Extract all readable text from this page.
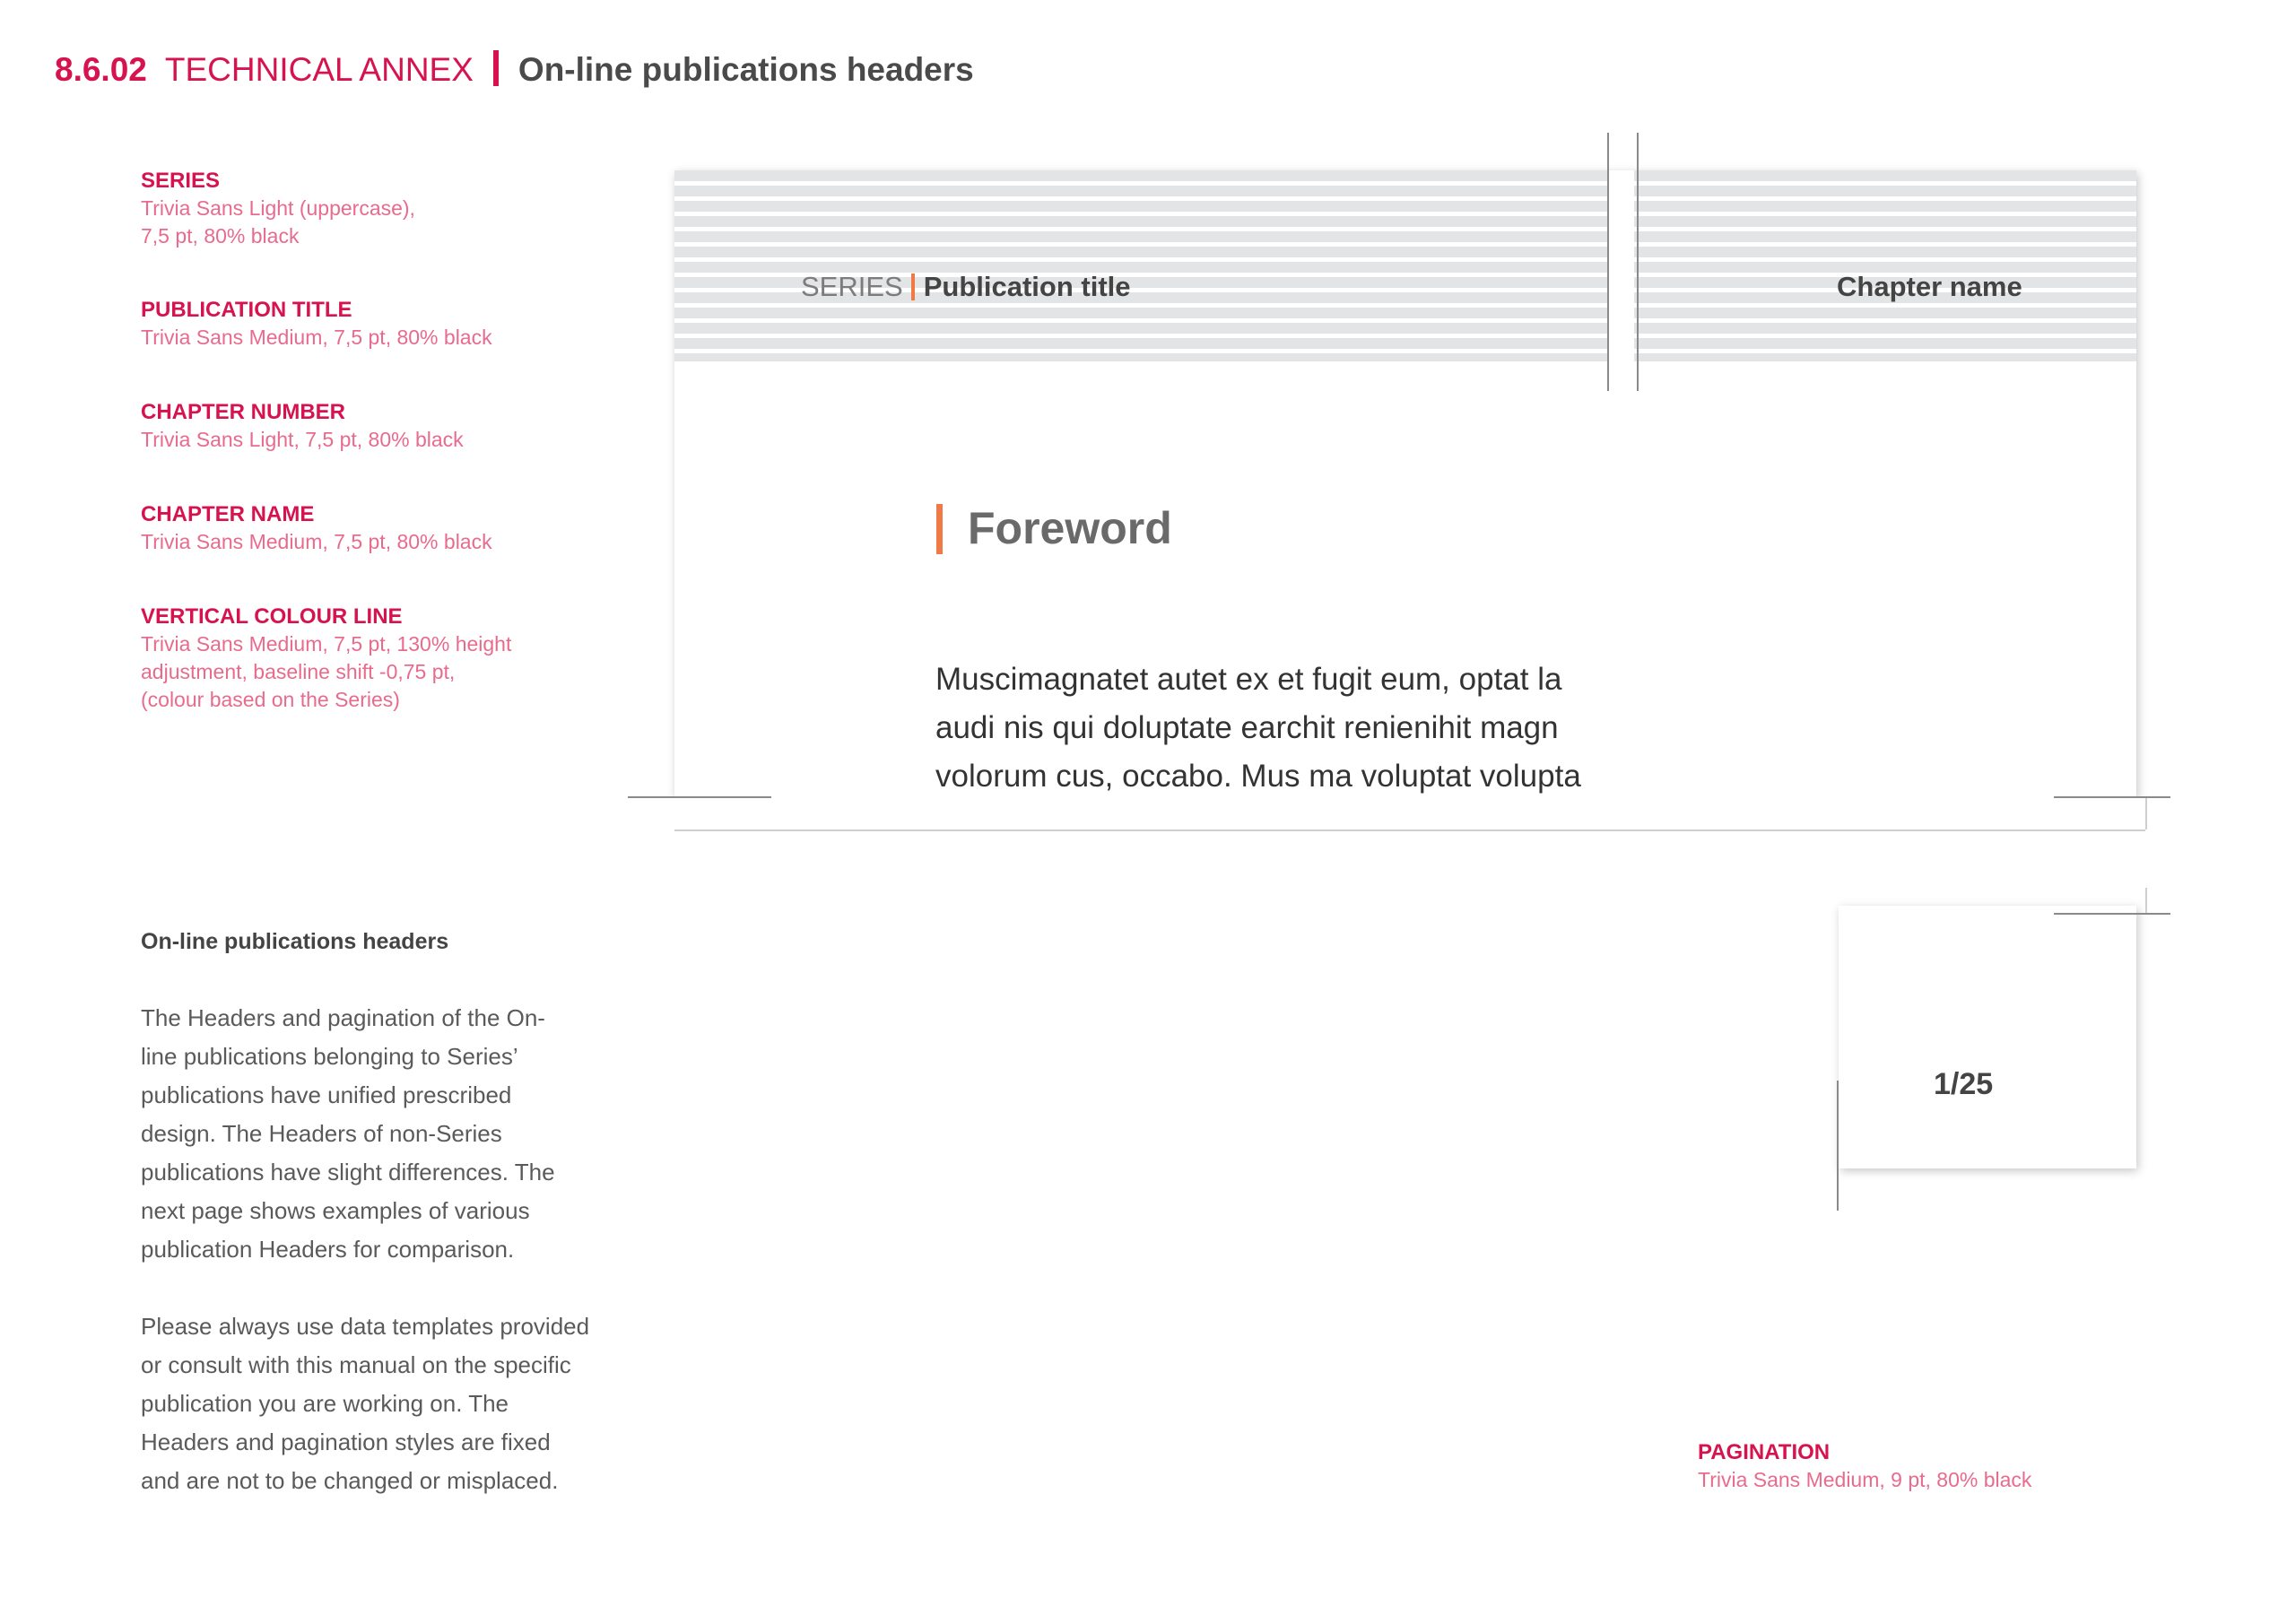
8.6.02 TECHNICAL ANNEX On-line publications headers
SERIES
Trivia Sans Light (uppercase),
7,5 pt, 80% black
PUBLICATION TITLE
Trivia Sans Medium, 7,5 pt, 80% black
CHAPTER NUMBER
Trivia Sans Light, 7,5 pt, 80% black
CHAPTER NAME
Trivia Sans Medium, 7,5 pt, 80% black
VERTICAL COLOUR LINE
Trivia Sans Medium, 7,5 pt, 130% height
adjustment, baseline shift -0,75 pt,
(colour based on the Series)
On-line publications headers
The Headers and pagination of the On-
line publications belonging to Series’
publications have unified prescribed
design. The Headers of non-Series
publications have slight differences. The
next page shows examples of various
publication Headers for comparison.
Please always use data templates provided
or consult with this manual on the specific
publication you are working on. The
Headers and pagination styles are fixed
and are not to be changed or misplaced.
SERIES Publication title	Chapter name
Foreword
Muscimagnatet autet ex et fugit eum, optat la
audi nis qui doluptate earchit renienihit magn
volorum cus, occabo. Mus ma voluptat volupta
1/25
PAGINATION
Trivia Sans Medium, 9 pt, 80% black
